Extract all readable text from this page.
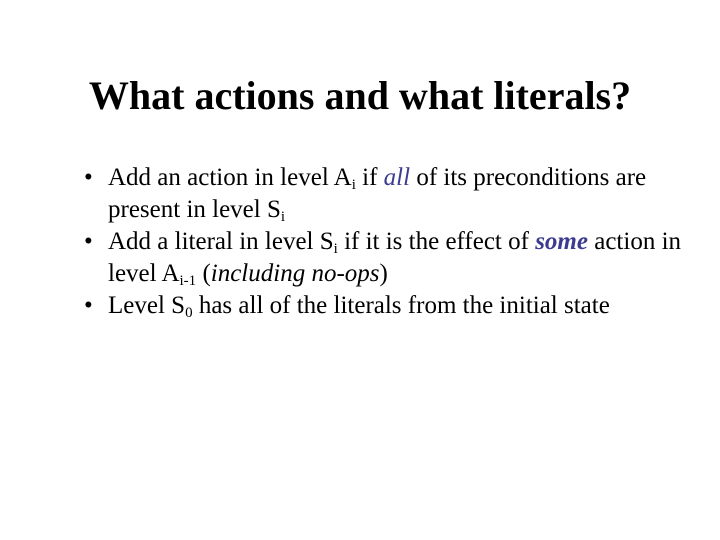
What actions and what literals?
• Add an action in level $A_i$ if all of its preconditions are present in level $S_i$
• Add a literal in level $S_i$ if it is the effect of some action in level $A_{i-1}$ (including no-ops)
• Level $S_0$ has all of the literals from the initial state
